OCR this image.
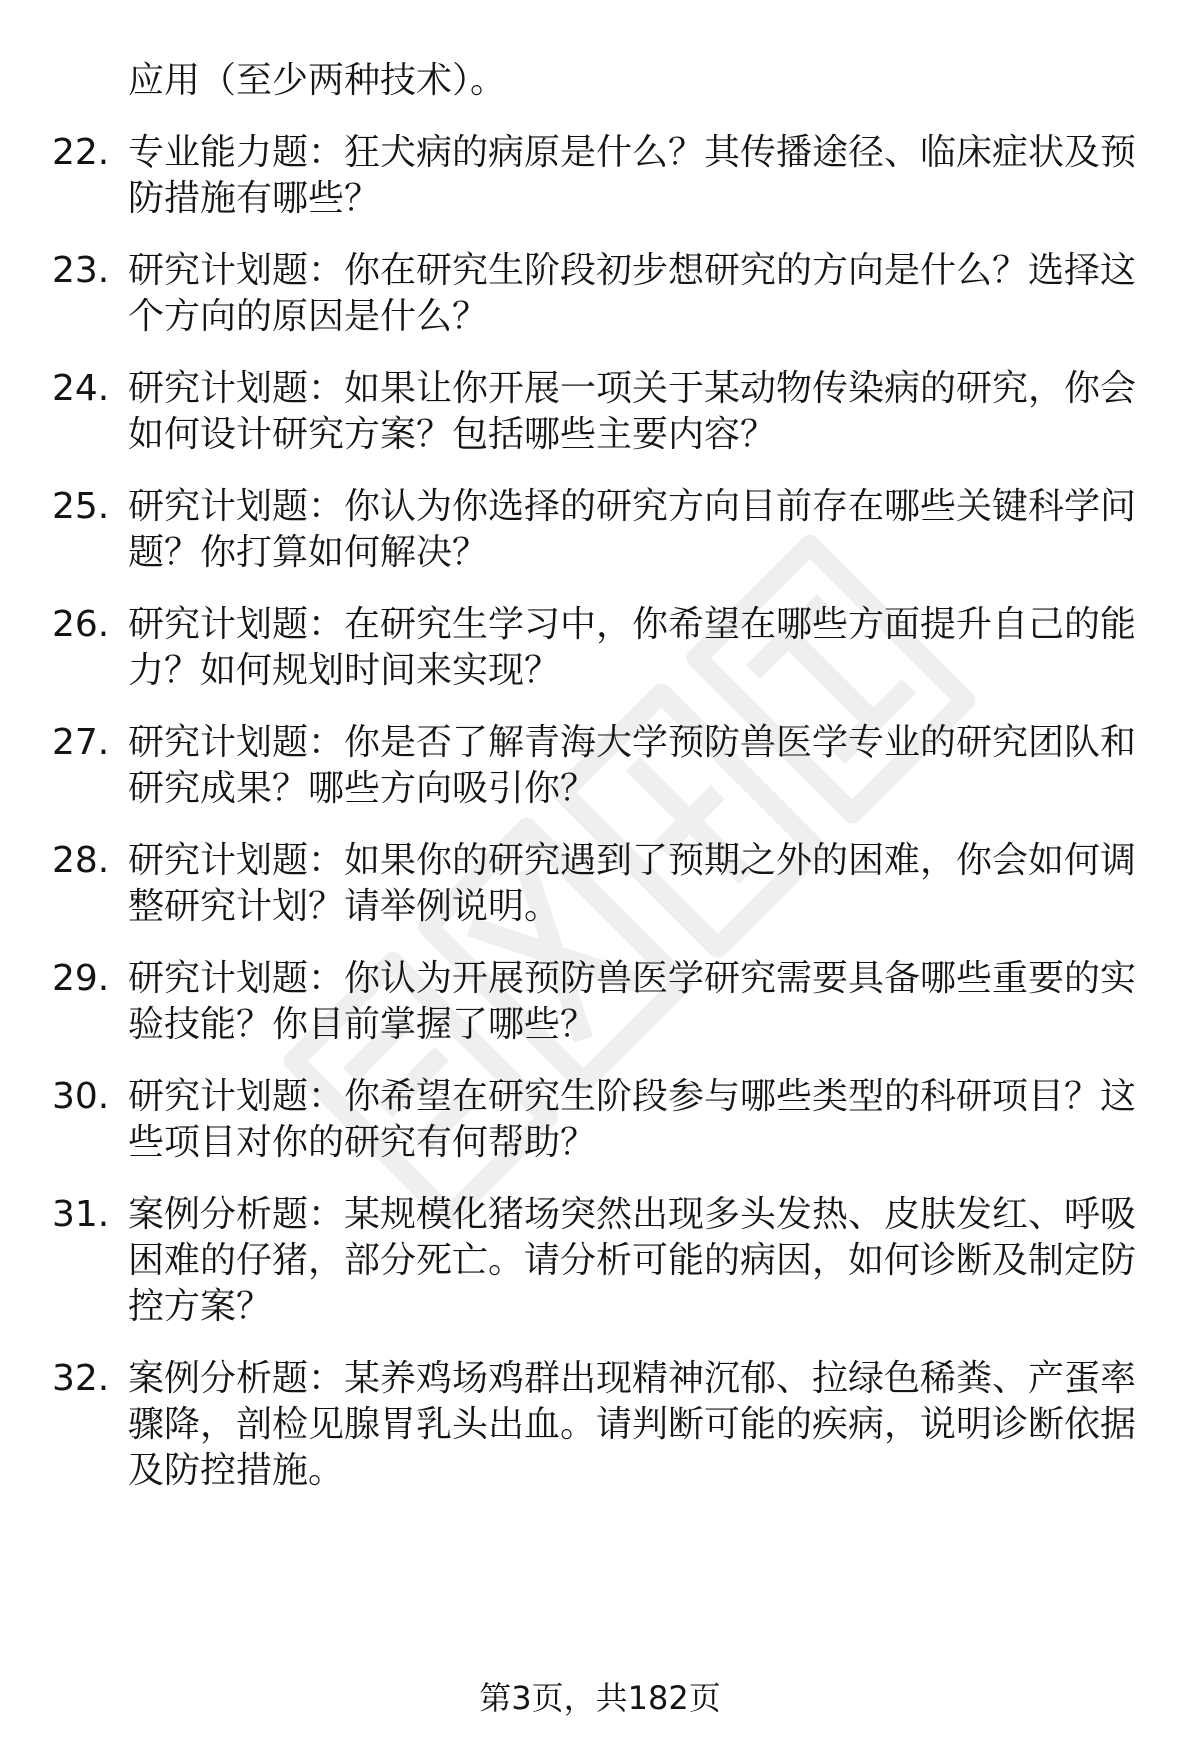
应用（至少两种技术）。
22. 专业能力题：狂犬病的病原是什么？其传播途径、临床症状及预
防措施有哪些？
23. 研究计划题：你在研究生阶段初步想研究的方向是什么？选择这
个方向的原因是什么？
24. 研究计划题：如果让你开展一项关于某动物传染病的研究，你会
如何设计研究方案？包括哪些主要内容？
25. 研究计划题：你认为你选择的研究方向目前存在哪些关键科学问
题？你打算如何解决？
26. 研究计划题：在研究生学习中，你希望在哪些方面提升自己的能
力？如何规划时间来实现？
27. 研究计划题：你是否了解青海大学预防兽医学专业的研究团队和
研究成果？哪些方向吸引你？
28. 研究计划题：如果你的研究遇到了预期之外的困难，你会如何调
整研究计划？请举例说明。
29. 研究计划题：你认为开展预防兽医学研究需要具备哪些重要的实
验技能？你目前掌握了哪些？
30. 研究计划题：你希望在研究生阶段参与哪些类型的科研项目？这
些项目对你的研究有何帮助？
31. 案例分析题：某规模化猪场突然出现多头发热、皮肤发红、呼吸
困难的仔猪，部分死亡。请分析可能的病因，如何诊断及制定防
控方案？
32. 案例分析题：某养鸡场鸡群出现精神沉郁、拉绿色稀粪、产蛋率
骤降，剖检见腺胃乳头出血。请判断可能的疾病，说明诊断依据
及防控措施。
第3页，共182页
